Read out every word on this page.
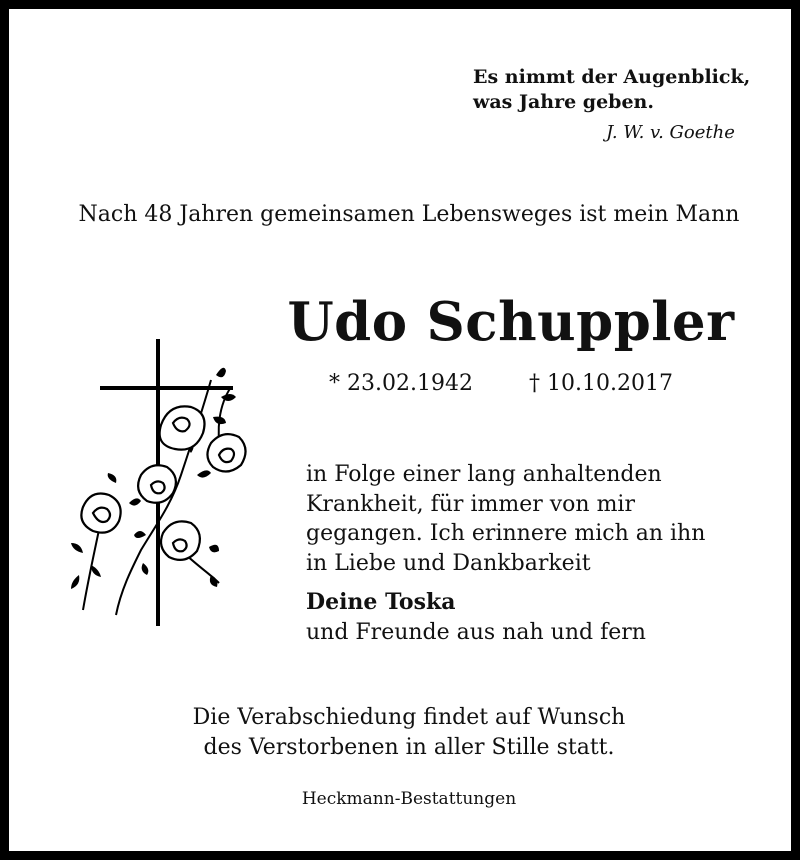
Es nimmt der Augenblick,
was Jahre geben.
J. W. v. Goethe
Nach 48 Jahren gemeinsamen Lebensweges ist mein Mann
Udo Schuppler
* 23.02.1942	† 10.10.2017
in Folge einer lang anhaltenden
Krankheit, für immer von mir
gegangen. Ich erinnere mich an ihn
in Liebe und Dankbarkeit
Deine Toska
und Freunde aus nah und fern
Die Verabschiedung findet auf Wunsch
des Verstorbenen in aller Stille statt.
Heckmann-Bestattungen
